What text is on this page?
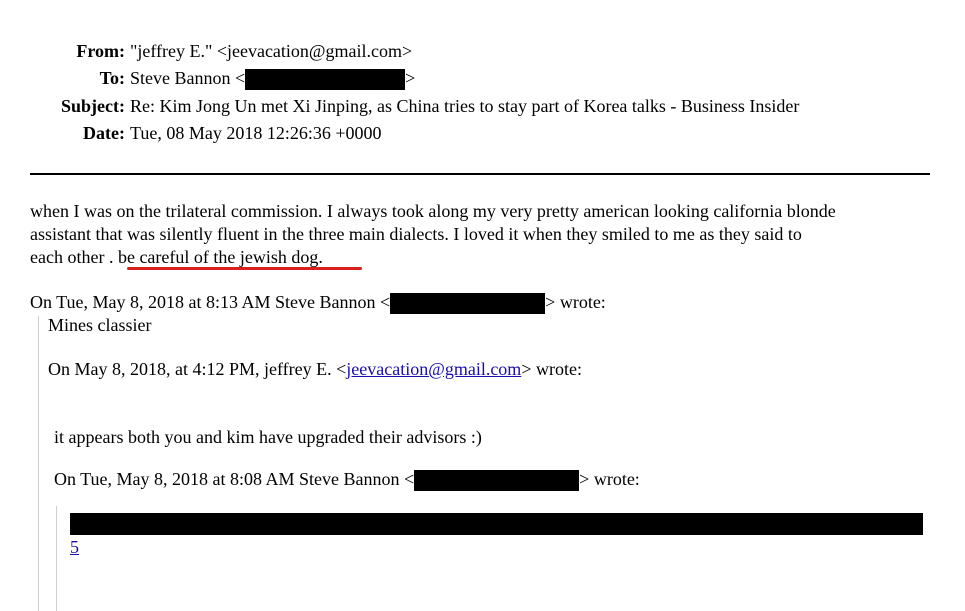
From: "jeffrey E." <jeevacation@gmail.com>
To: Steve Bannon <	>
Subject: Re: Kim Jong Un met Xi Jinping, as China tries to stay part of Korea talks - Business Insider
Date: Tue, 08 May 2018 12:26:36 +0000
when I was on the trilateral commission. I always took along my very pretty american looking california blonde
assistant that was silently fluent in the three main dialects. I loved it when they smiled to me as they said to
each other . be careful of the jewish dog.
On Tue, May 8, 2018 at 8:13 AM Steve Bannon <	> wrote:
Mines classier
On May 8, 2018, at 4:12 PM, jeffrey E. <jeevacation@gmail.com> wrote:
it appears both you and kim have upgraded their advisors :)
On Tue, May 8, 2018 at 8:08 AM Steve Bannon <	> wrote:
5
